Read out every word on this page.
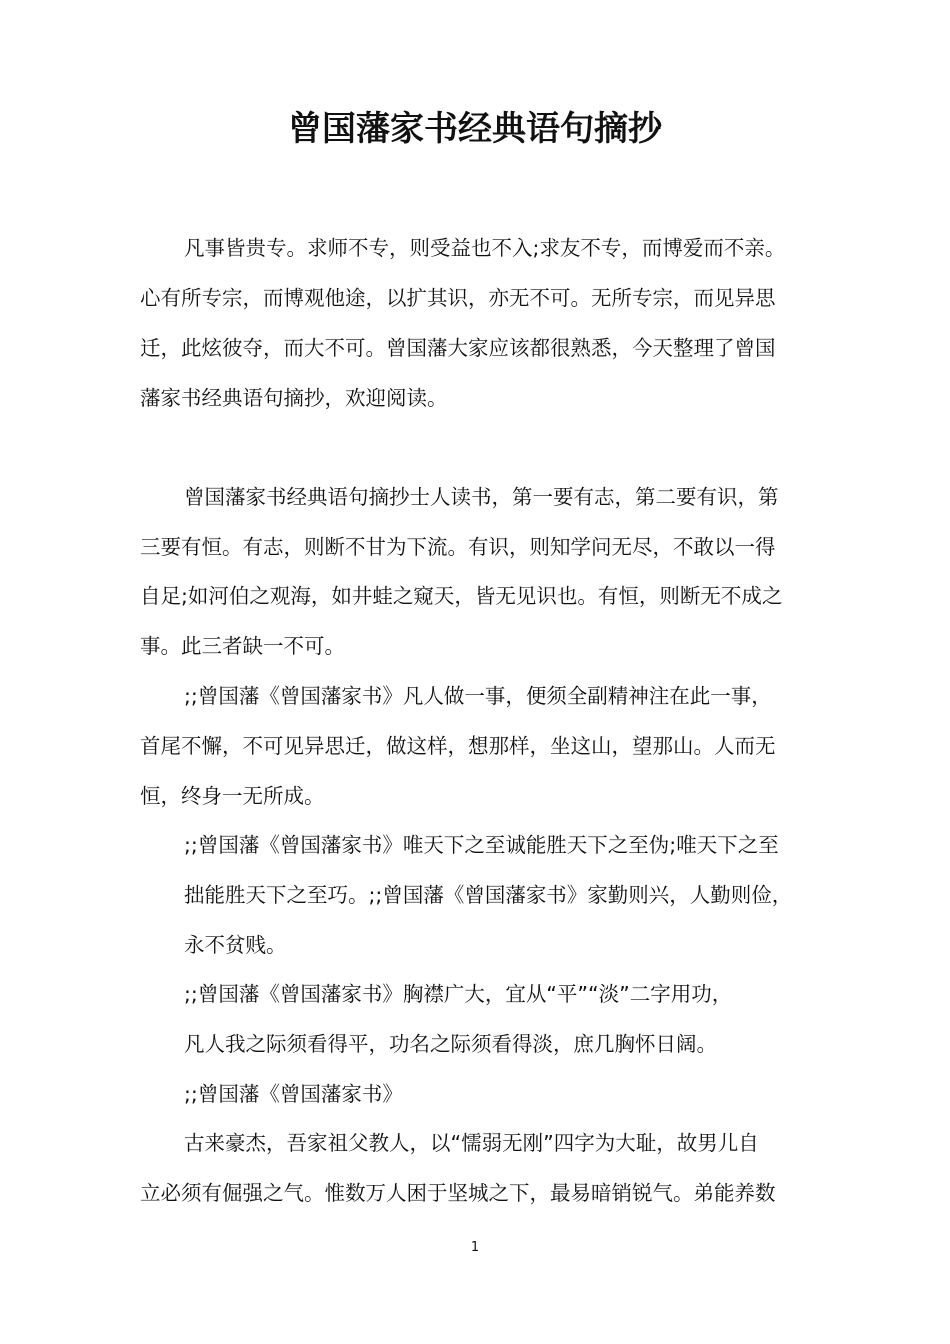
曾国藩家书经典语句摘抄
凡事皆贵专。求师不专，则受益也不入;求友不专，而博爱而不亲。
心有所专宗，而博观他途，以扩其识，亦无不可。无所专宗，而见异思
迁，此炫彼夺，而大不可。曾国藩大家应该都很熟悉，今天整理了曾国
藩家书经典语句摘抄，欢迎阅读。
曾国藩家书经典语句摘抄士人读书，第一要有志，第二要有识，第
三要有恒。有志，则断不甘为下流。有识，则知学问无尽，不敢以一得
自足;如河伯之观海，如井蛙之窥天，皆无见识也。有恒，则断无不成之
事。此三者缺一不可。
;;曾国藩《曾国藩家书》凡人做一事，便须全副精神注在此一事，
首尾不懈，不可见异思迁，做这样，想那样，坐这山，望那山。人而无
恒，终身一无所成。
;;曾国藩《曾国藩家书》唯天下之至诚能胜天下之至伪;唯天下之至
拙能胜天下之至巧。;;曾国藩《曾国藩家书》家勤则兴，人勤则俭，
永不贫贱。
;;曾国藩《曾国藩家书》胸襟广大，宜从“平”“淡”二字用功，
凡人我之际须看得平，功名之际须看得淡，庶几胸怀日阔。
;;曾国藩《曾国藩家书》
古来豪杰，吾家祖父教人，以“懦弱无刚”四字为大耻，故男儿自
立必须有倔强之气。惟数万人困于坚城之下，最易暗销锐气。弟能养数
1
